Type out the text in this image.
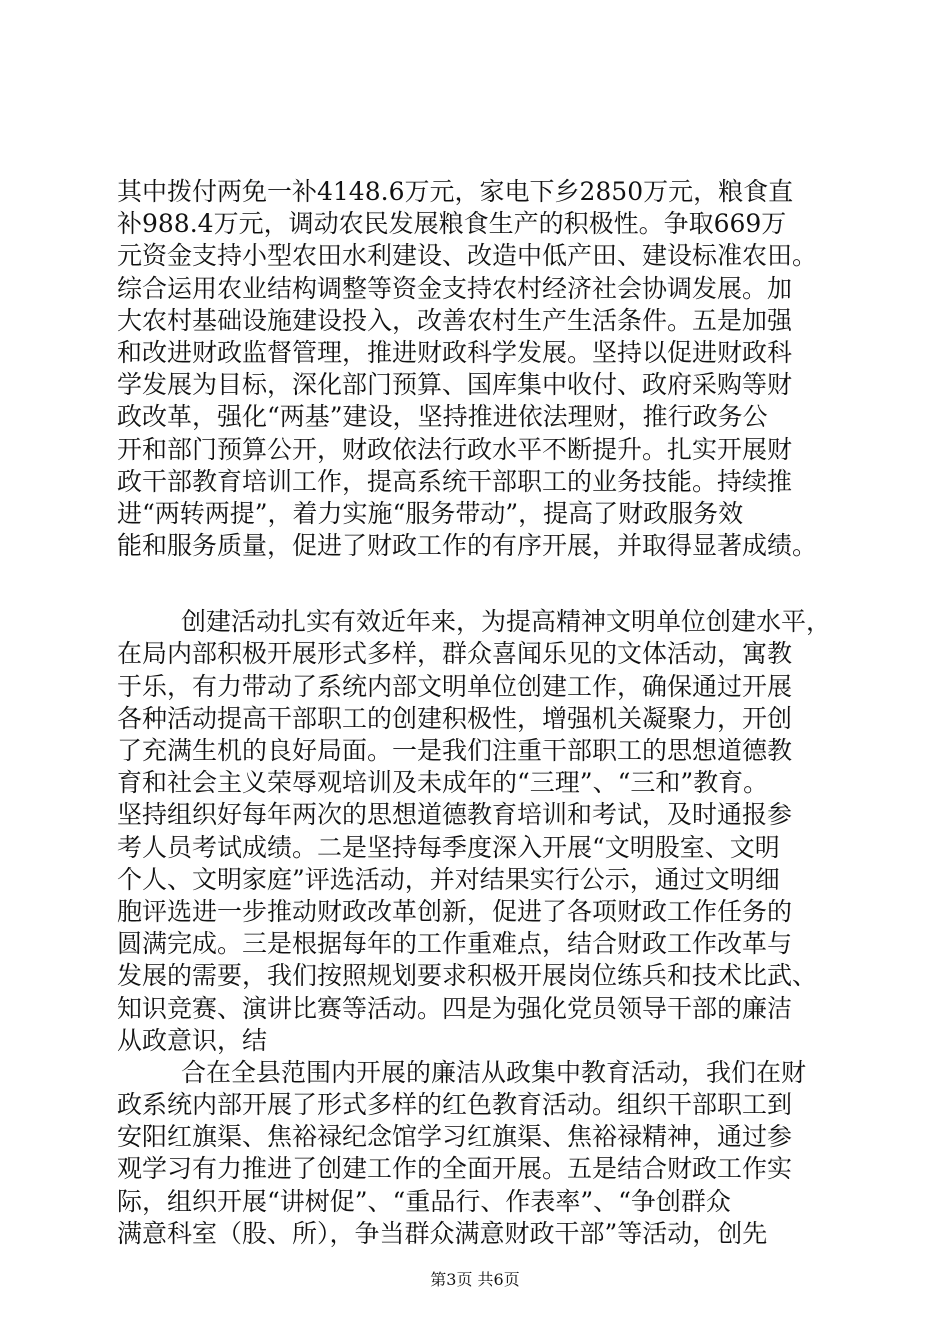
其中拨付两免一补4148.6万元，家电下乡2850万元，粮食直
补988.4万元，调动农民发展粮食生产的积极性。争取669万
元资金支持小型农田水利建设、改造中低产田、建设标准农田。
综合运用农业结构调整等资金支持农村经济社会协调发展。加
大农村基础设施建设投入，改善农村生产生活条件。五是加强
和改进财政监督管理，推进财政科学发展。坚持以促进财政科
学发展为目标，深化部门预算、国库集中收付、政府采购等财
政改革，强化“两基”建设，坚持推进依法理财，推行政务公
开和部门预算公开，财政依法行政水平不断提升。扎实开展财
政干部教育培训工作，提高系统干部职工的业务技能。持续推
进“两转两提”，着力实施“服务带动”，提高了财政服务效
能和服务质量，促进了财政工作的有序开展，并取得显著成绩。
创建活动扎实有效近年来，为提高精神文明单位创建水平，
在局内部积极开展形式多样，群众喜闻乐见的文体活动，寓教
于乐，有力带动了系统内部文明单位创建工作，确保通过开展
各种活动提高干部职工的创建积极性，增强机关凝聚力，开创
了充满生机的良好局面。一是我们注重干部职工的思想道德教
育和社会主义荣辱观培训及未成年的“三理”、“三和”教育。
坚持组织好每年两次的思想道德教育培训和考试，及时通报参
考人员考试成绩。二是坚持每季度深入开展“文明股室、文明
个人、文明家庭”评选活动，并对结果实行公示，通过文明细
胞评选进一步推动财政改革创新，促进了各项财政工作任务的
圆满完成。三是根据每年的工作重难点，结合财政工作改革与
发展的需要，我们按照规划要求积极开展岗位练兵和技术比武、
知识竞赛、演讲比赛等活动。四是为强化党员领导干部的廉洁
从政意识，结
合在全县范围内开展的廉洁从政集中教育活动，我们在财
政系统内部开展了形式多样的红色教育活动。组织干部职工到
安阳红旗渠、焦裕禄纪念馆学习红旗渠、焦裕禄精神，通过参
观学习有力推进了创建工作的全面开展。五是结合财政工作实
际，组织开展“讲树促”、“重品行、作表率”、“争创群众
满意科室（股、所），争当群众满意财政干部”等活动，创先
第3页 共6页
